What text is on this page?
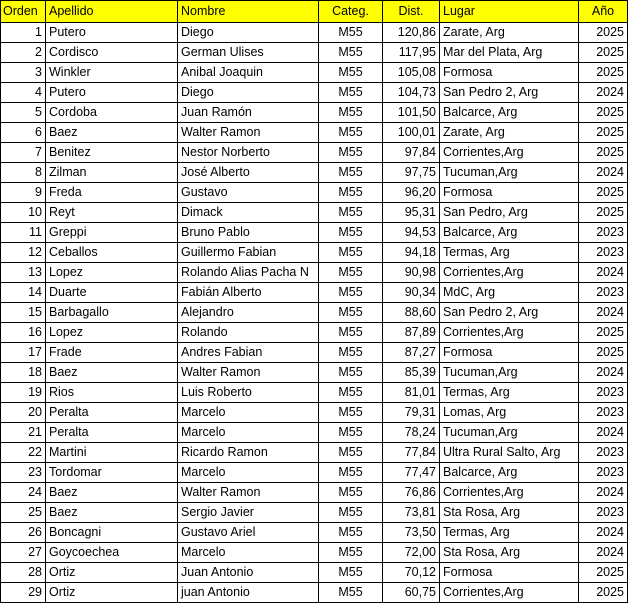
Orden	Apellido	Nombre	Categ.	Dist.	Lugar	Año
1	Putero	Diego	M55	120,86	Zarate, Arg	2025
2	Cordisco	German Ulises	M55	117,95	Mar del Plata, Arg	2025
3	Winkler	Anibal Joaquin	M55	105,08	Formosa	2025
4	Putero	Diego	M55	104,73	San Pedro 2, Arg	2024
5	Cordoba	Juan Ramón	M55	101,50	Balcarce, Arg	2025
6	Baez	Walter Ramon	M55	100,01	Zarate, Arg	2025
7	Benitez	Nestor Norberto	M55	97,84	Corrientes,Arg	2025
8	Zilman	José Alberto	M55	97,75	Tucuman,Arg	2024
9	Freda	Gustavo	M55	96,20	Formosa	2025
10	Reyt	Dimack	M55	95,31	San Pedro, Arg	2025
11	Greppi	Bruno Pablo	M55	94,53	Balcarce, Arg	2023
12	Ceballos	Guillermo Fabian	M55	94,18	Termas, Arg	2023
13	Lopez	Rolando Alias Pacha N	M55	90,98	Corrientes,Arg	2024
14	Duarte	Fabián Alberto	M55	90,34	MdC, Arg	2023
15	Barbagallo	Alejandro	M55	88,60	San Pedro 2, Arg	2024
16	Lopez	Rolando	M55	87,89	Corrientes,Arg	2025
17	Frade	Andres Fabian	M55	87,27	Formosa	2025
18	Baez	Walter Ramon	M55	85,39	Tucuman,Arg	2024
19	Rios	Luis Roberto	M55	81,01	Termas, Arg	2023
20	Peralta	Marcelo	M55	79,31	Lomas, Arg	2023
21	Peralta	Marcelo	M55	78,24	Tucuman,Arg	2024
22	Martini	Ricardo Ramon	M55	77,84	Ultra Rural Salto, Arg	2023
23	Tordomar	Marcelo	M55	77,47	Balcarce, Arg	2023
24	Baez	Walter Ramon	M55	76,86	Corrientes,Arg	2024
25	Baez	Sergio Javier	M55	73,81	Sta Rosa, Arg	2023
26	Boncagni	Gustavo Ariel	M55	73,50	Termas, Arg	2024
27	Goycoechea	Marcelo	M55	72,00	Sta Rosa, Arg	2024
28	Ortiz	Juan Antonio	M55	70,12	Formosa	2025
29	Ortiz	juan Antonio	M55	60,75	Corrientes,Arg	2025
